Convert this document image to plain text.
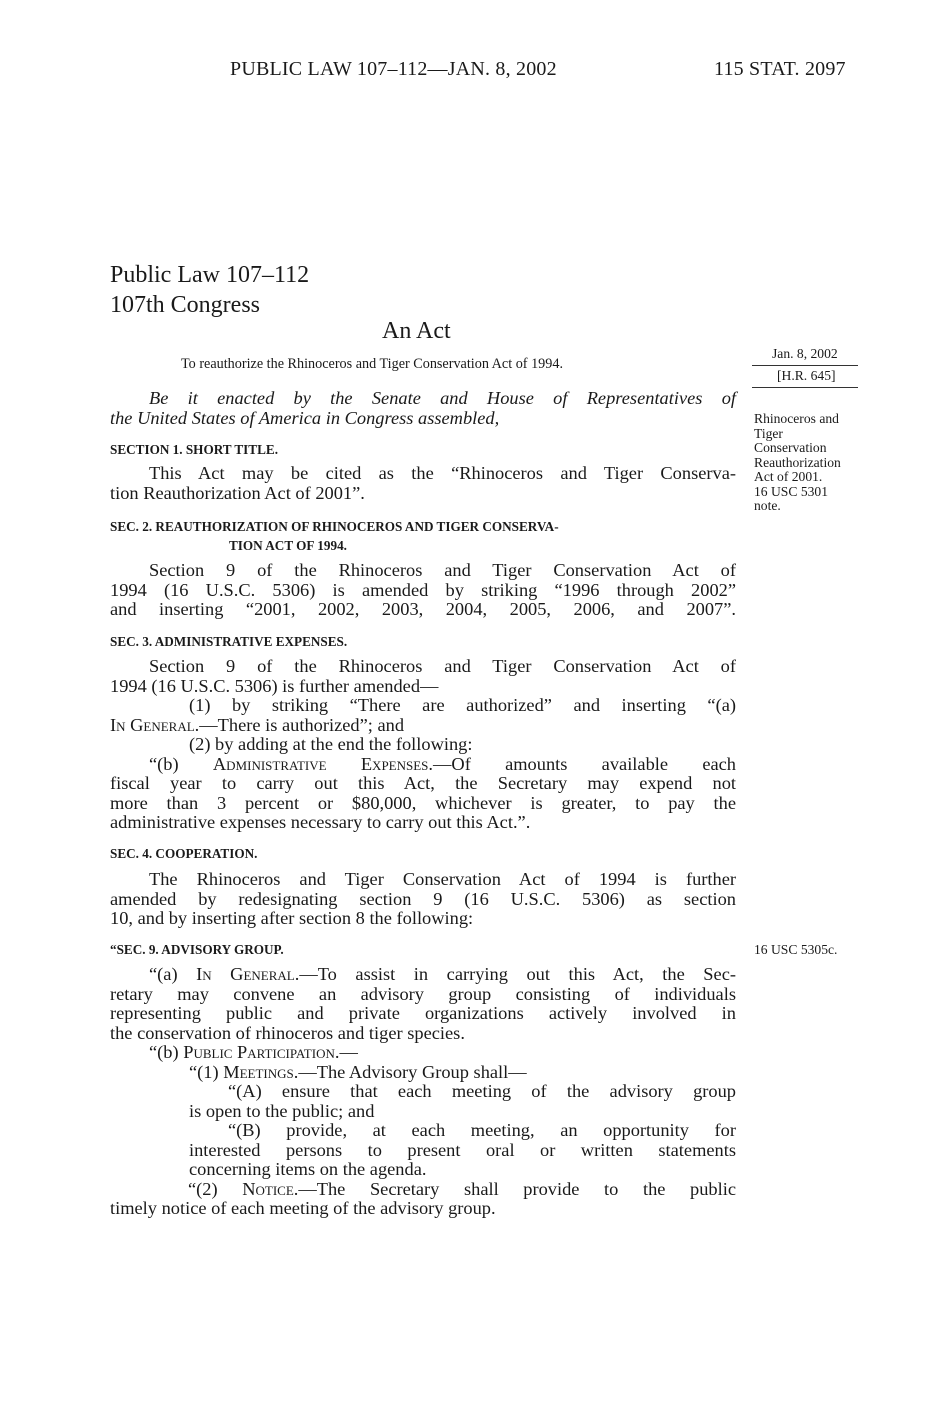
PUBLIC LAW 107–112—JAN. 8, 2002	115 STAT. 2097
Public Law 107–112
107th Congress
An Act
To reauthorize the Rhinoceros and Tiger Conservation Act of 1994.
Jan. 8, 2002
[H.R. 645]
Rhinoceros and
Tiger
Conservation
Reauthorization
Act of 2001.
16 USC 5301
note.
16 USC 5305c.
Be it enacted by the Senate and House of Representatives of
the United States of America in Congress assembled,
SECTION 1. SHORT TITLE.
This Act may be cited as the “Rhinoceros and Tiger Conserva-
tion Reauthorization Act of 2001”.
SEC. 2. REAUTHORIZATION OF RHINOCEROS AND TIGER CONSERVA-
TION ACT OF 1994.
Section 9 of the Rhinoceros and Tiger Conservation Act of
1994 (16 U.S.C. 5306) is amended by striking “1996 through 2002”
and inserting “2001, 2002, 2003, 2004, 2005, 2006, and 2007”.
SEC. 3. ADMINISTRATIVE EXPENSES.
Section 9 of the Rhinoceros and Tiger Conservation Act of
1994 (16 U.S.C. 5306) is further amended—
(1) by striking “There are authorized” and inserting “(a)
In General.—There is authorized”; and
(2) by adding at the end the following:
“(b) Administrative Expenses.—Of amounts available each
fiscal year to carry out this Act, the Secretary may expend not
more than 3 percent or $80,000, whichever is greater, to pay the
administrative expenses necessary to carry out this Act.”.
SEC. 4. COOPERATION.
The Rhinoceros and Tiger Conservation Act of 1994 is further
amended by redesignating section 9 (16 U.S.C. 5306) as section
10, and by inserting after section 8 the following:
“SEC. 9. ADVISORY GROUP.
“(a) In General.—To assist in carrying out this Act, the Sec-
retary may convene an advisory group consisting of individuals
representing public and private organizations actively involved in
the conservation of rhinoceros and tiger species.
“(b) Public Participation.—
“(1) Meetings.—The Advisory Group shall—
“(A) ensure that each meeting of the advisory group
is open to the public; and
“(B) provide, at each meeting, an opportunity for
interested persons to present oral or written statements
concerning items on the agenda.
“(2) Notice.—The Secretary shall provide to the public
timely notice of each meeting of the advisory group.
